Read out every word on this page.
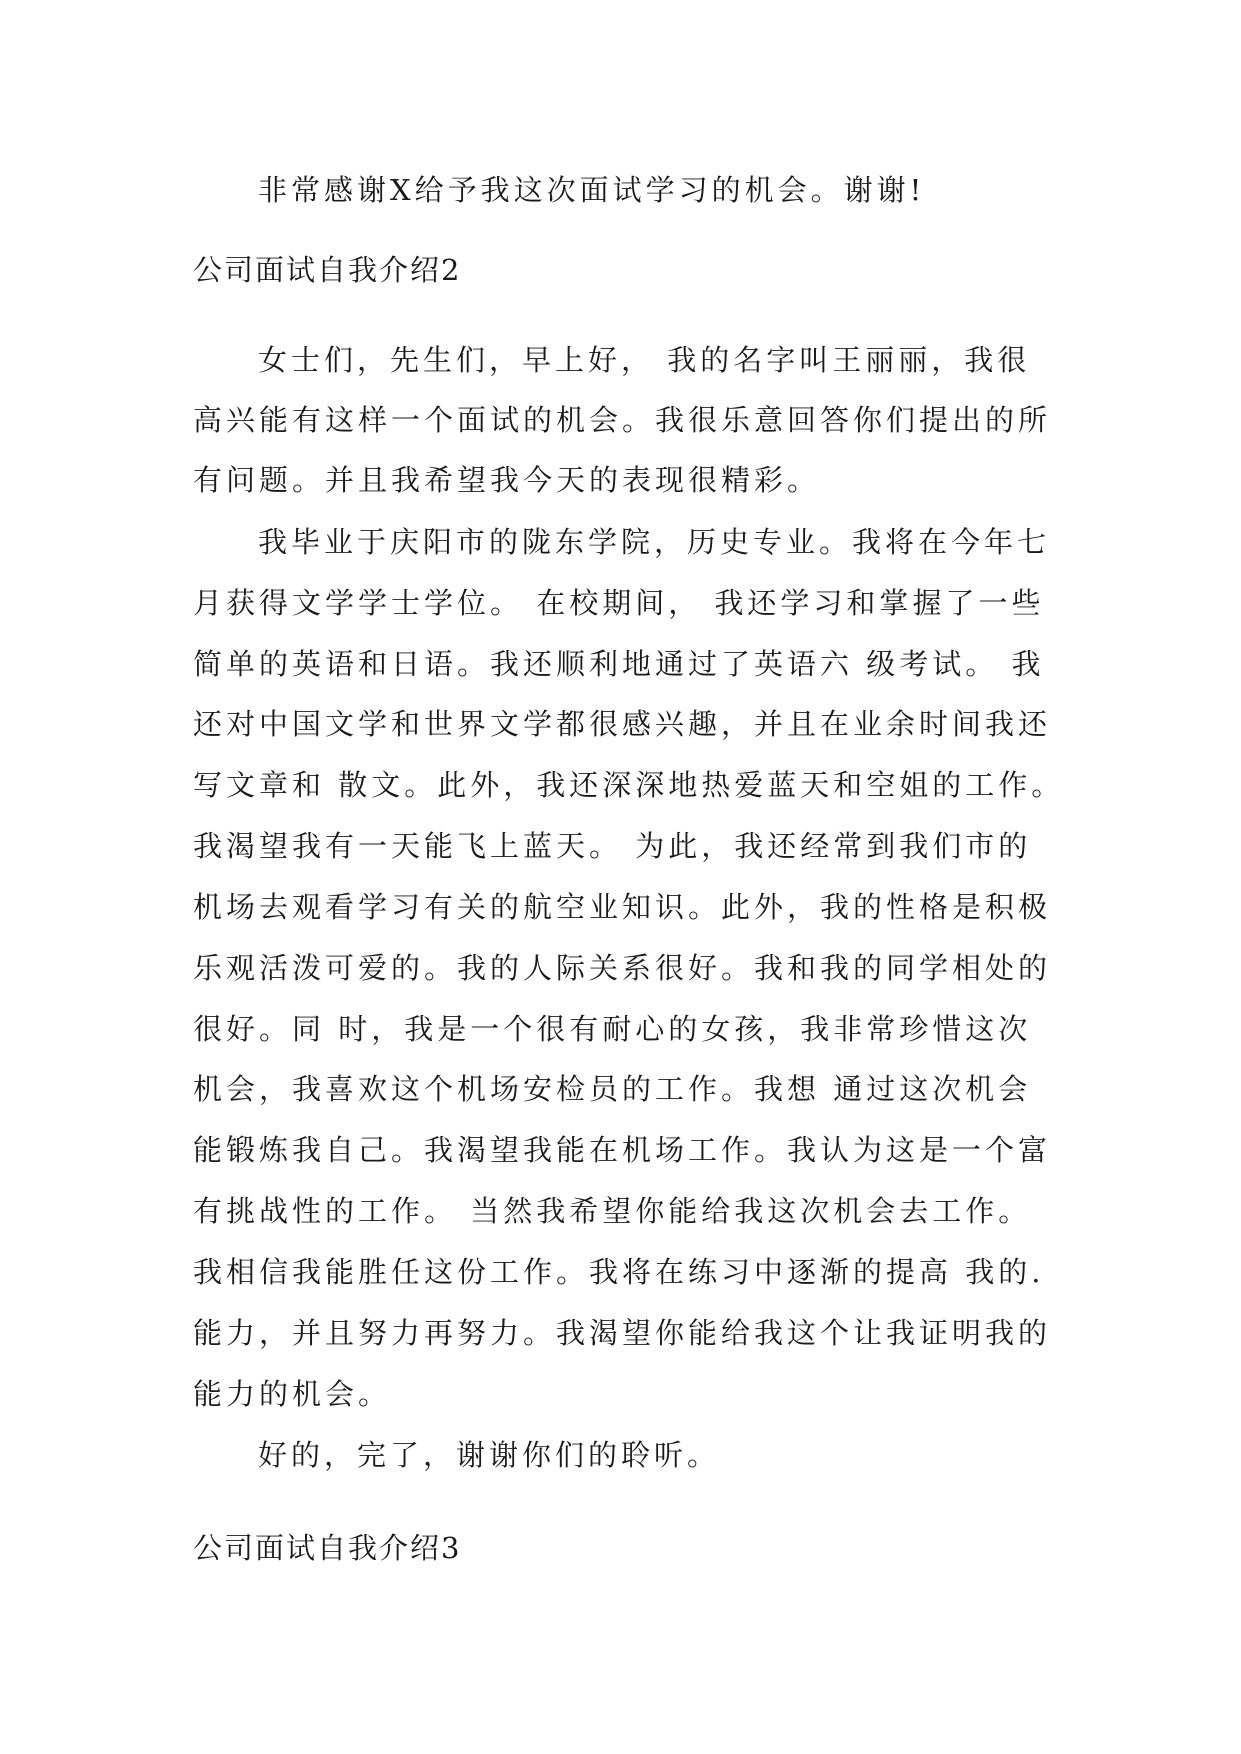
非常感谢X给予我这次面试学习的机会。谢谢!
公司面试自我介绍2
女士们，先生们，早上好， 我的名字叫王丽丽，我很
高兴能有这样一个面试的机会。我很乐意回答你们提出的所
有问题。并且我希望我今天的表现很精彩。
我毕业于庆阳市的陇东学院，历史专业。我将在今年七
月获得文学学士学位。 在校期间， 我还学习和掌握了一些
简单的英语和日语。我还顺利地通过了英语六 级考试。 我
还对中国文学和世界文学都很感兴趣，并且在业余时间我还
写文章和 散文。此外，我还深深地热爱蓝天和空姐的工作。
我渴望我有一天能飞上蓝天。 为此，我还经常到我们市的
机场去观看学习有关的航空业知识。此外，我的性格是积极
乐观活泼可爱的。我的人际关系很好。我和我的同学相处的
很好。同 时，我是一个很有耐心的女孩，我非常珍惜这次
机会，我喜欢这个机场安检员的工作。我想 通过这次机会
能锻炼我自己。我渴望我能在机场工作。我认为这是一个富
有挑战性的工作。 当然我希望你能给我这次机会去工作。
我相信我能胜任这份工作。我将在练习中逐渐的提高 我的.
能力，并且努力再努力。我渴望你能给我这个让我证明我的
能力的机会。
好的，完了，谢谢你们的聆听。
公司面试自我介绍3
